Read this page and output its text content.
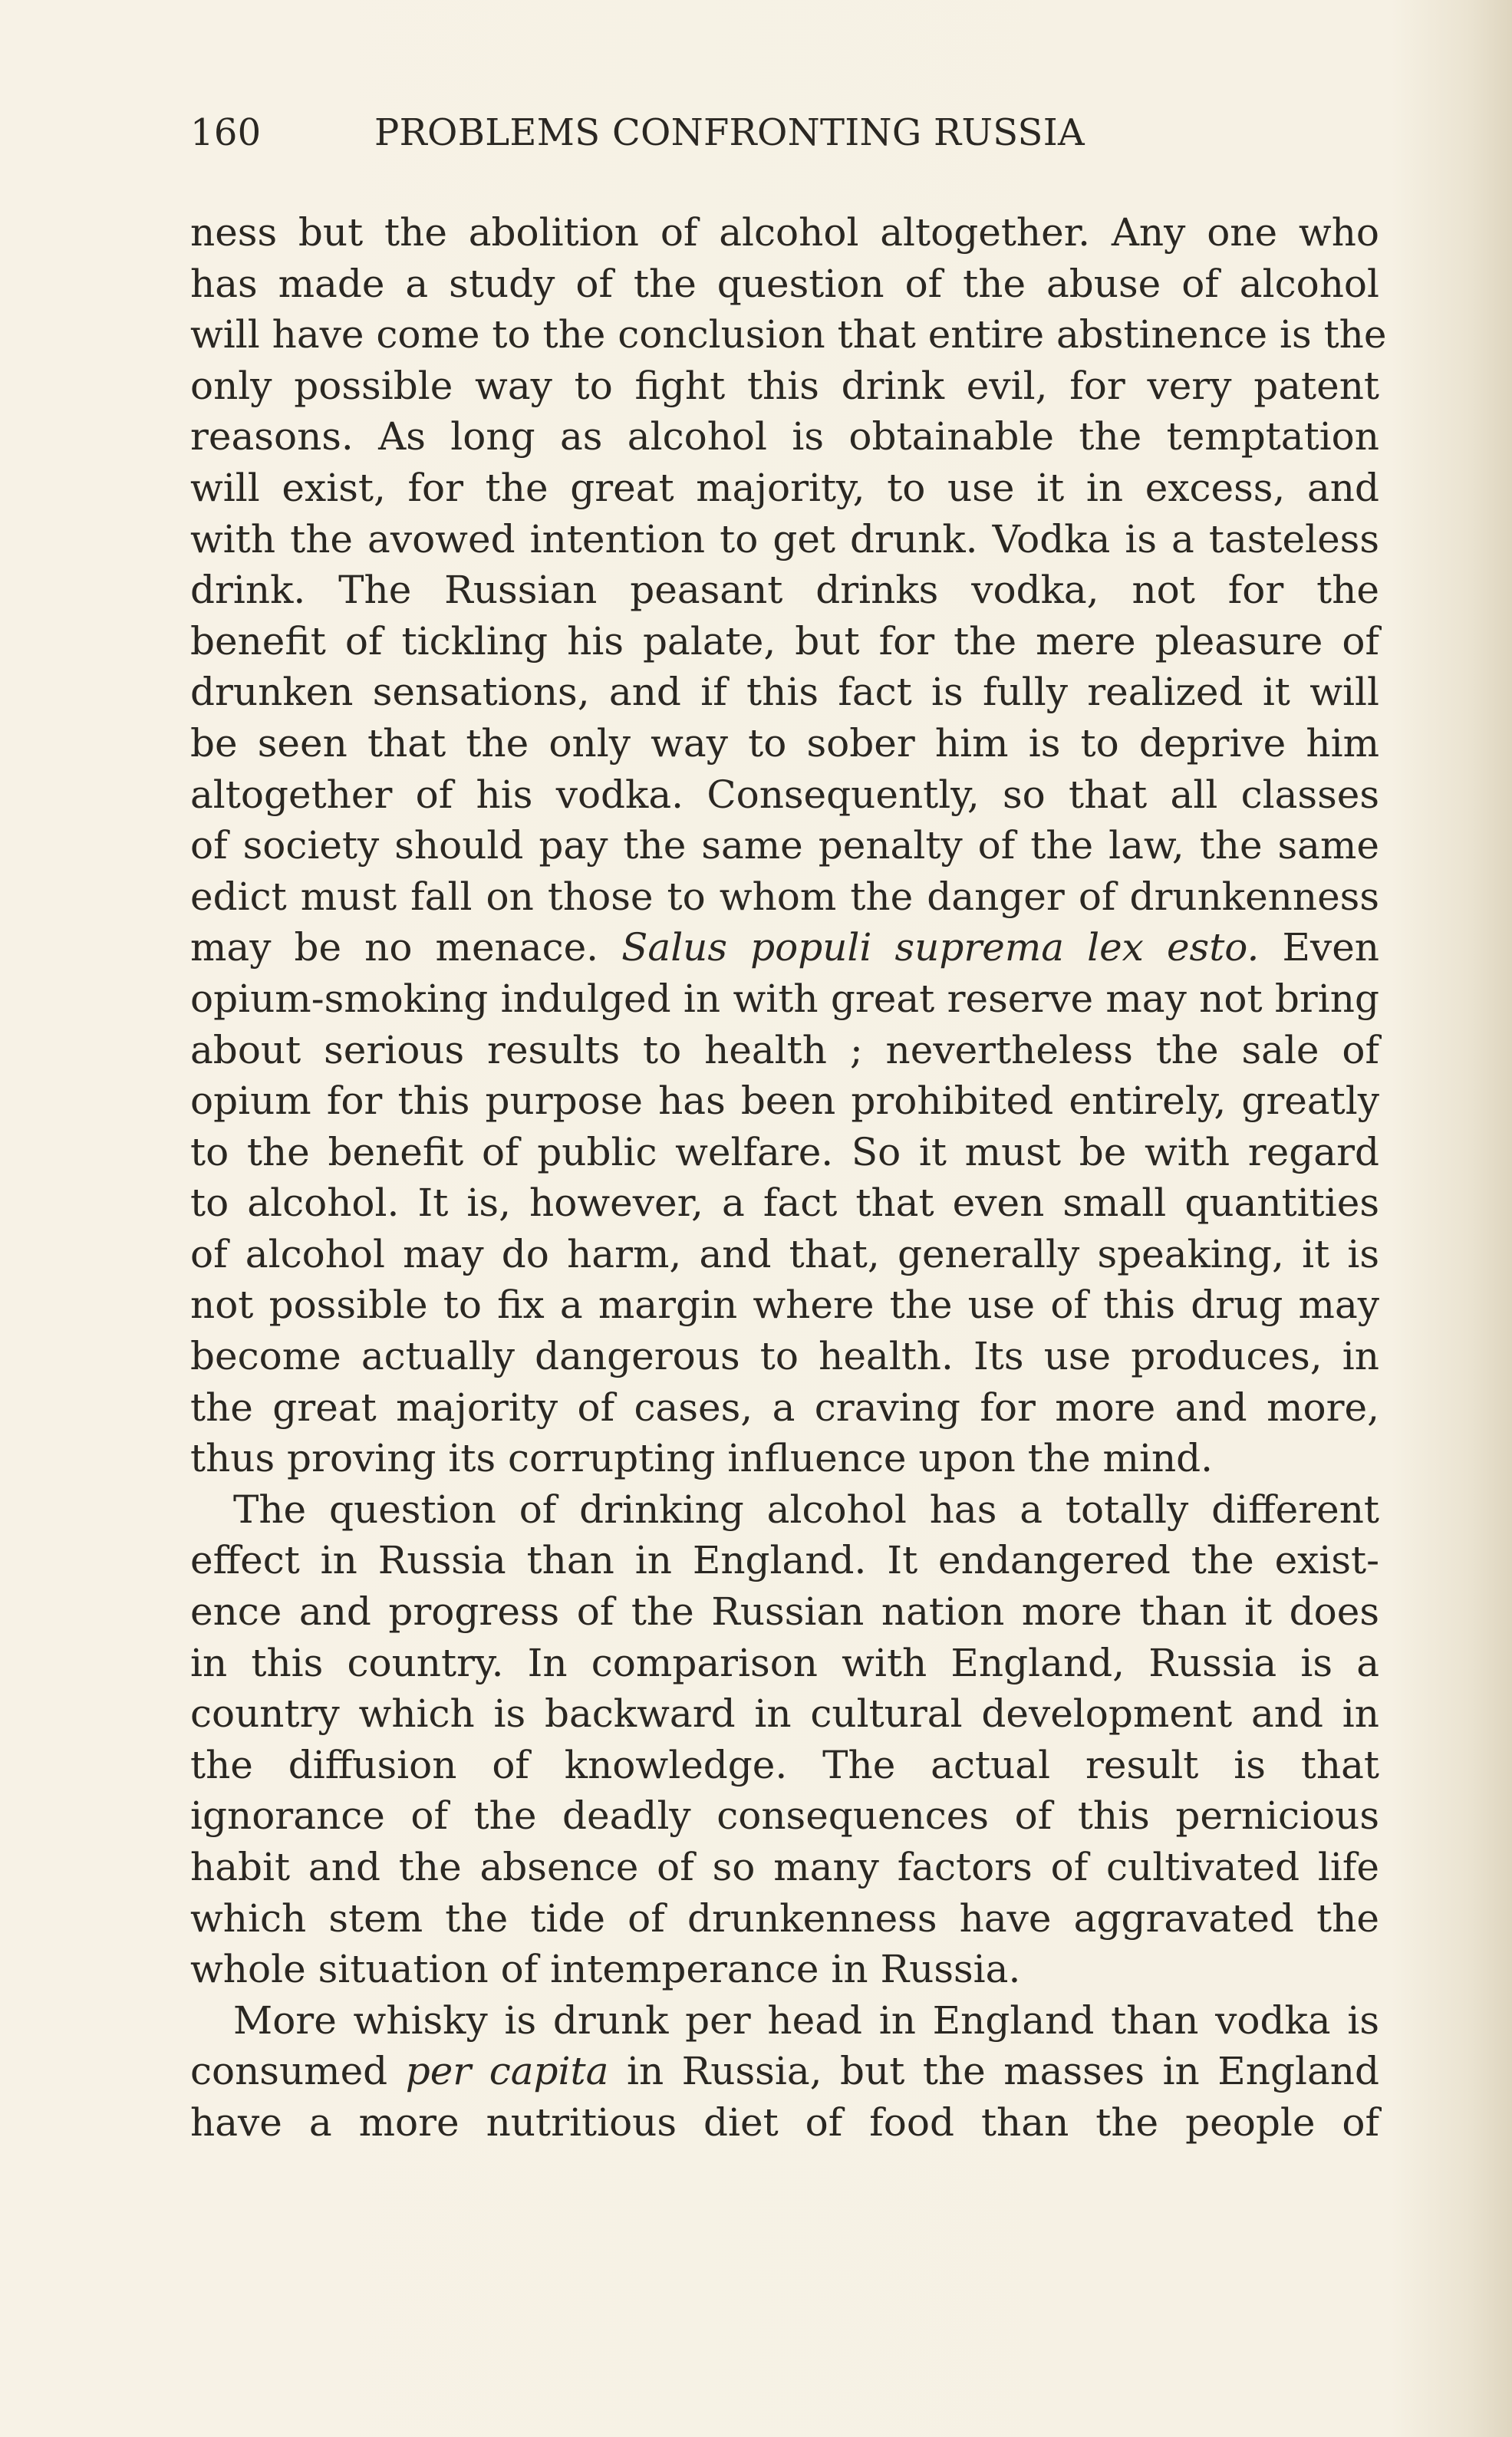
160	PROBLEMS CONFRONTING RUSSIA
ness but the abolition of alcohol altogether. Any one who
has made a study of the question of the abuse of alcohol
will have come to the conclusion that entire abstinence is the
only possible way to fight this drink evil, for very patent
reasons. As long as alcohol is obtainable the temptation
will exist, for the great majority, to use it in excess, and
with the avowed intention to get drunk. Vodka is a tasteless
drink. The Russian peasant drinks vodka, not for the
benefit of tickling his palate, but for the mere pleasure of
drunken sensations, and if this fact is fully realized it will
be seen that the only way to sober him is to deprive him
altogether of his vodka. Consequently, so that all classes
of society should pay the same penalty of the law, the same
edict must fall on those to whom the danger of drunkenness
may be no menace. Salus populi suprema lex esto. Even
opium-smoking indulged in with great reserve may not bring
about serious results to health ; nevertheless the sale of
opium for this purpose has been prohibited entirely, greatly
to the benefit of public welfare. So it must be with regard
to alcohol. It is, however, a fact that even small quantities
of alcohol may do harm, and that, generally speaking, it is
not possible to fix a margin where the use of this drug may
become actually dangerous to health. Its use produces, in
the great majority of cases, a craving for more and more,
thus proving its corrupting influence upon the mind.
The question of drinking alcohol has a totally different
effect in Russia than in England. It endangered the exist-
ence and progress of the Russian nation more than it does
in this country. In comparison with England, Russia is a
country which is backward in cultural development and in
the diffusion of knowledge. The actual result is that
ignorance of the deadly consequences of this pernicious
habit and the absence of so many factors of cultivated life
which stem the tide of drunkenness have aggravated the
whole situation of intemperance in Russia.
More whisky is drunk per head in England than vodka is
consumed per capita in Russia, but the masses in England
have a more nutritious diet of food than the people of
